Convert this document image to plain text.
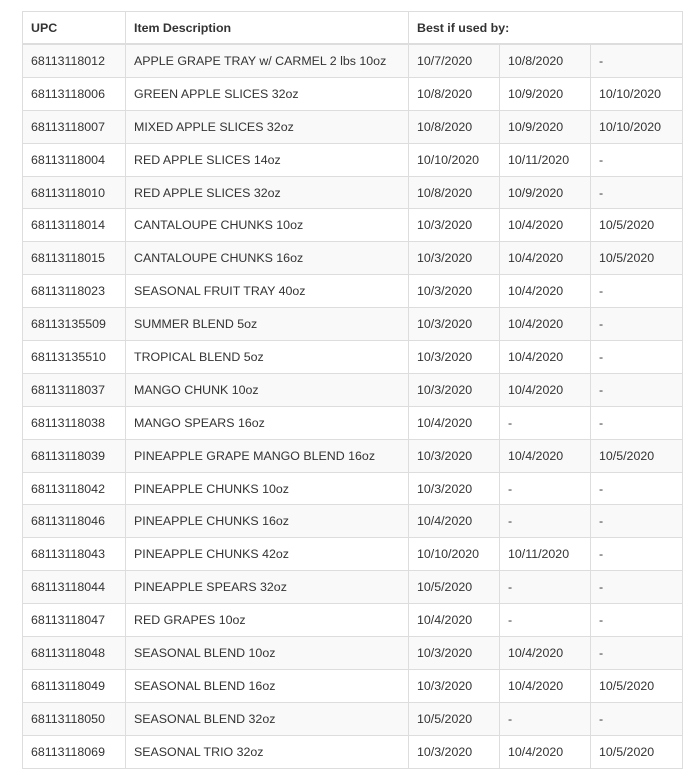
UPC	Item Description	Best if used by:		
68113118012	APPLE GRAPE TRAY w/ CARMEL 2 lbs 10oz	10/7/2020	10/8/2020	-
68113118006	GREEN APPLE SLICES 32oz	10/8/2020	10/9/2020	10/10/2020
68113118007	MIXED APPLE SLICES 32oz	10/8/2020	10/9/2020	10/10/2020
68113118004	RED APPLE SLICES 14oz	10/10/2020	10/11/2020	-
68113118010	RED APPLE SLICES 32oz	10/8/2020	10/9/2020	-
68113118014	CANTALOUPE CHUNKS 10oz	10/3/2020	10/4/2020	10/5/2020
68113118015	CANTALOUPE CHUNKS 16oz	10/3/2020	10/4/2020	10/5/2020
68113118023	SEASONAL FRUIT TRAY 40oz	10/3/2020	10/4/2020	-
68113135509	SUMMER BLEND 5oz	10/3/2020	10/4/2020	-
68113135510	TROPICAL BLEND 5oz	10/3/2020	10/4/2020	-
68113118037	MANGO CHUNK 10oz	10/3/2020	10/4/2020	-
68113118038	MANGO SPEARS 16oz	10/4/2020	-	-
68113118039	PINEAPPLE GRAPE MANGO BLEND 16oz	10/3/2020	10/4/2020	10/5/2020
68113118042	PINEAPPLE CHUNKS 10oz	10/3/2020	-	-
68113118046	PINEAPPLE CHUNKS 16oz	10/4/2020	-	-
68113118043	PINEAPPLE CHUNKS 42oz	10/10/2020	10/11/2020	-
68113118044	PINEAPPLE SPEARS 32oz	10/5/2020	-	-
68113118047	RED GRAPES 10oz	10/4/2020	-	-
68113118048	SEASONAL BLEND 10oz	10/3/2020	10/4/2020	-
68113118049	SEASONAL BLEND 16oz	10/3/2020	10/4/2020	10/5/2020
68113118050	SEASONAL BLEND 32oz	10/5/2020	-	-
68113118069	SEASONAL TRIO 32oz	10/3/2020	10/4/2020	10/5/2020
